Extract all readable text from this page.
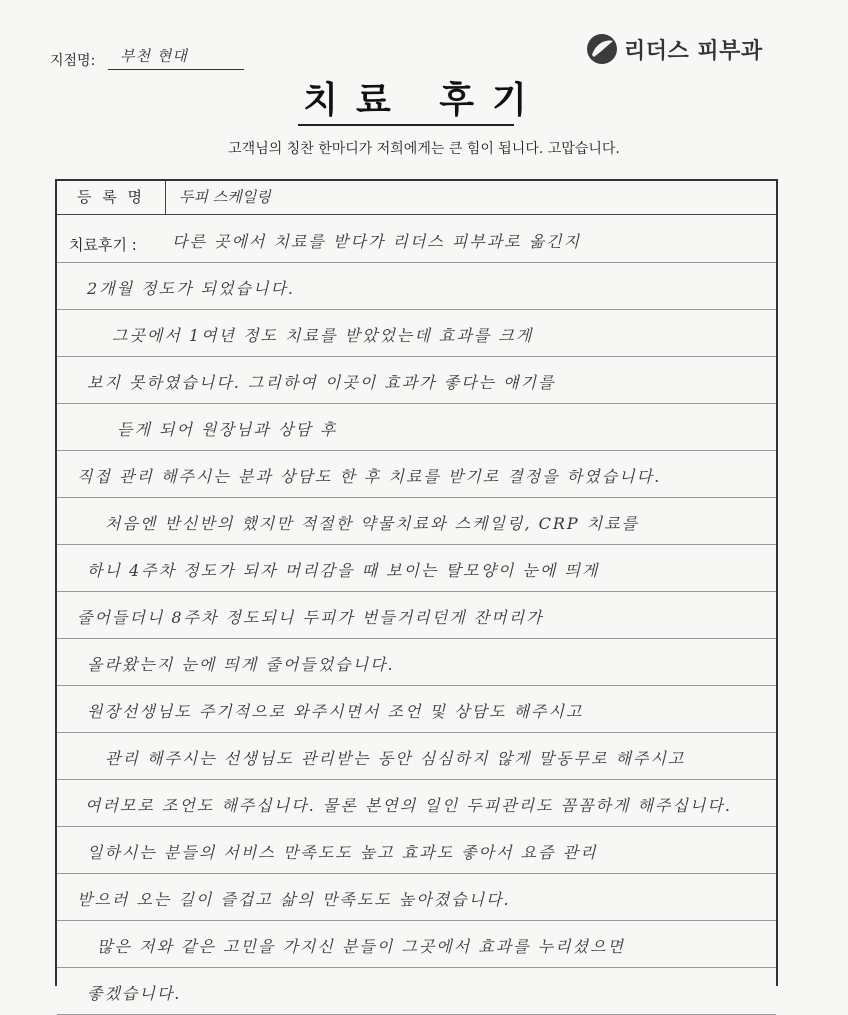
지점명: 부천 현대	리더스 피부과
치료 후기
고객님의 칭찬 한마디가 저희에게는 큰 힘이 됩니다. 고맙습니다.
등 록 명	두피 스케일링
치료후기 : 다른 곳에서 치료를 받다가 리더스 피부과로 옮긴지
2개월 정도가 되었습니다.
그곳에서 1여년 정도 치료를 받았었는데 효과를 크게
보지 못하였습니다. 그리하여 이곳이 효과가 좋다는 얘기를
듣게 되어 원장님과 상담 후
직접 관리 해주시는 분과 상담도 한 후 치료를 받기로 결정을 하였습니다.
처음엔 반신반의 했지만 적절한 약물치료와 스케일링, CRP 치료를
하니 4주차 정도가 되자 머리감을 때 보이는 탈모양이 눈에 띄게
줄어들더니 8주차 정도되니 두피가 번들거리던게 잔머리가
올라왔는지 눈에 띄게 줄어들었습니다.
원장선생님도 주기적으로 와주시면서 조언 및 상담도 해주시고
관리 해주시는 선생님도 관리받는 동안 심심하지 않게 말동무로 해주시고
여러모로 조언도 해주십니다. 물론 본연의 일인 두피관리도 꼼꼼하게 해주십니다.
일하시는 분들의 서비스 만족도도 높고 효과도 좋아서 요즘 관리
받으러 오는 길이 즐겁고 삶의 만족도도 높아졌습니다.
많은 저와 같은 고민을 가지신 분들이 그곳에서 효과를 누리셨으면
좋겠습니다.
